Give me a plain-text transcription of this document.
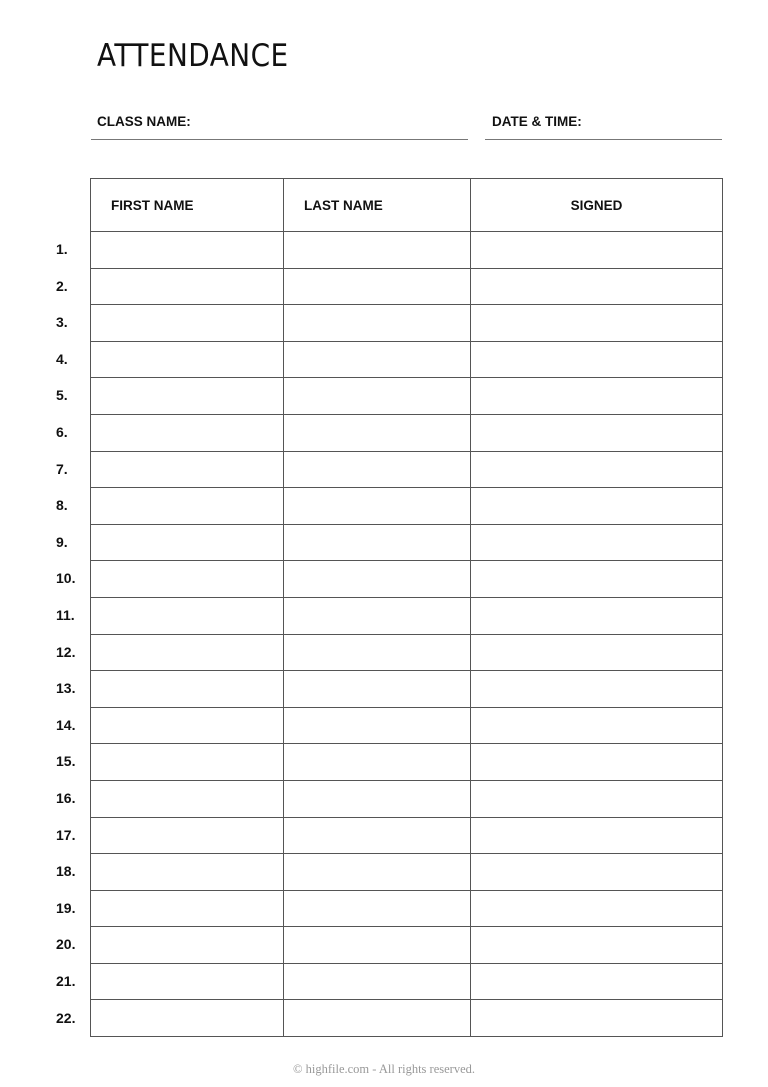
ATTENDANCE
CLASS NAME:	DATE & TIME:
FIRST NAME	LAST NAME	SIGNED

1.
2.
3.
4.
5.
6.
7.
8.
9.
10.
11.
12.
13.
14.
15.
16.
17.
18.
19.
20.
21.
22.
© highfile.com - All rights reserved.
